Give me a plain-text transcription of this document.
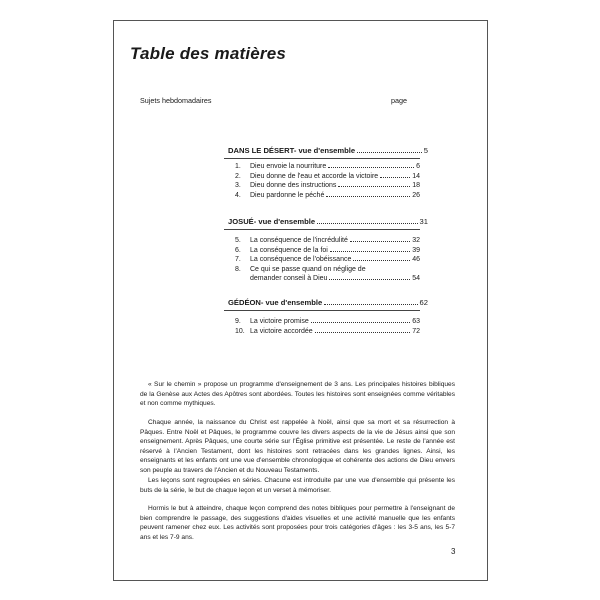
Table des matières
Sujets hebdomadaires	page
DANS LE DÉSERT- vue d'ensemble	5
1.	Dieu envoie la nourriture	6
2.	Dieu donne de l'eau et accorde la victoire	14
3.	Dieu donne des instructions	18
4.	Dieu pardonne le péché	26
JOSUÉ- vue d'ensemble	31
5.	La conséquence de l'incrédulité	32
6.	La conséquence de la foi	39
7.	La conséquence de l'obéissance	46
8.	Ce qui se passe quand on néglige de
demander conseil à Dieu	54
GÉDÉON- vue d'ensemble	62
9.	La victoire promise	63
10. La victoire accordée	72
« Sur le chemin » propose un programme d'enseignement de 3 ans. Les principales histoires bibliques de la Genèse aux Actes des Apôtres sont abordées. Toutes les histoires sont enseignées comme véritables et non comme mythiques.
Chaque année, la naissance du Christ est rappelée à Noël, ainsi que sa mort et sa résurrection à Pâques. Entre Noël et Pâques, le programme couvre les divers aspects de la vie de Jésus ainsi que son enseignement. Après Pâques, une courte série sur l'Église primitive est présentée. Le reste de l'année est réservé à l'Ancien Testament, dont les histoires sont retracées dans les grandes lignes. Ainsi, les enseignants et les enfants ont une vue d'ensemble chronologique et cohérente des actions de Dieu envers son peuple au travers de l'Ancien et du Nouveau Testaments.
Les leçons sont regroupées en séries. Chacune est introduite par une vue d'ensemble qui présente les buts de la série, le but de chaque leçon et un verset à mémoriser.
Hormis le but à atteindre, chaque leçon comprend des notes bibliques pour permettre à l'enseignant de bien comprendre le passage, des suggestions d'aides visuelles et une activité manuelle que les enfants peuvent ramener chez eux. Les activités sont proposées pour trois catégories d'âges : les 3-5 ans, les 5-7 ans et les 7-9 ans.
3
